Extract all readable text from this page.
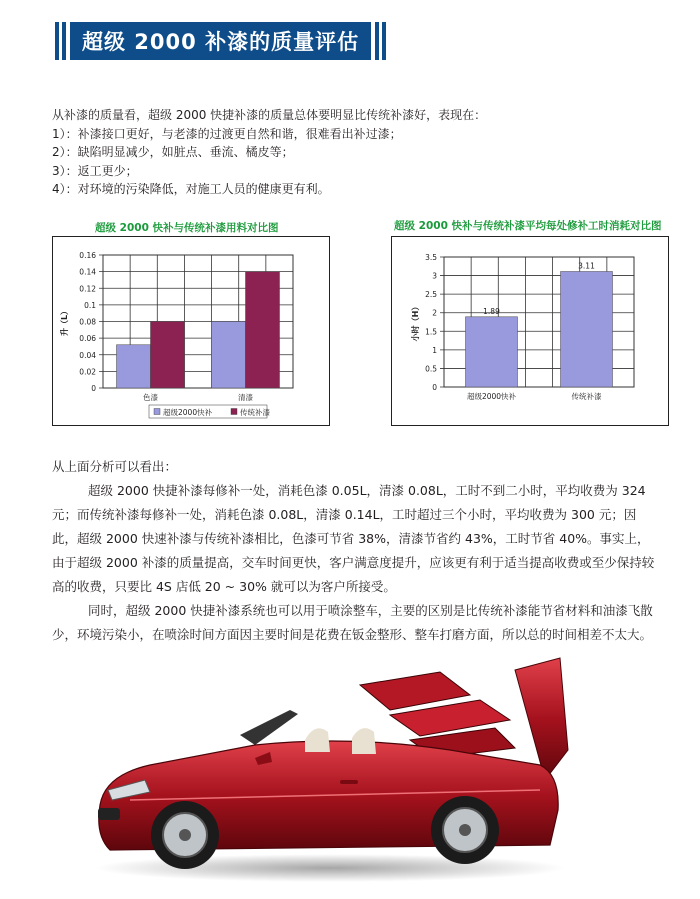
超级 2000 补漆的质量评估

从补漆的质量看，超级 2000 快捷补漆的质量总体要明显比传统补漆好，表现在：

1）：补漆接口更好，与老漆的过渡更自然和谐，很难看出补过漆；

2）：缺陷明显减少，如脏点、垂流、橘皮等；

3）：返工更少；

4）：对环境的污染降低，对施工人员的健康更有利。

超级 2000 快补与传统补漆用料对比图
0.16
0.14
0.12
0.1
0.08
0.06
0.04
0.02
0
升（L）
色漆	清漆
超级2000快补	传统补漆
超级 2000 快补与传统补漆平均每处修补工时消耗对比图
3.5
3
2.5
2
1.5
1
0.5
0
小时（H）	1.89
超级2000快补
3.11
传统补漆

从上面分析可以看出：

超级 2000 快捷补漆每修补一处，消耗色漆 0.05L，清漆 0.08L，工时不到二小时，平均收费为 324 元；而传统补漆每修补一处，消耗色漆 0.08L，清漆 0.14L，工时超过三个小时，平均收费为 300 元；因此，超级 2000 快速补漆与传统补漆相比，色漆可节省 38%，清漆节省约 43%，工时节省 40%。事实上，由于超级 2000 补漆的质量提高，交车时间更快，客户满意度提升，应该更有利于适当提高收费或至少保持较高的收费，只要比 4S 店低 20 ~ 30% 就可以为客户所接受。

同时，超级 2000 快捷补漆系统也可以用于喷涂整车，主要的区别是比传统补漆能节省材料和油漆飞散少，环境污染小，在喷涂时间方面因主要时间是花费在钣金整形、整车打磨方面，所以总的时间相差不太大。
